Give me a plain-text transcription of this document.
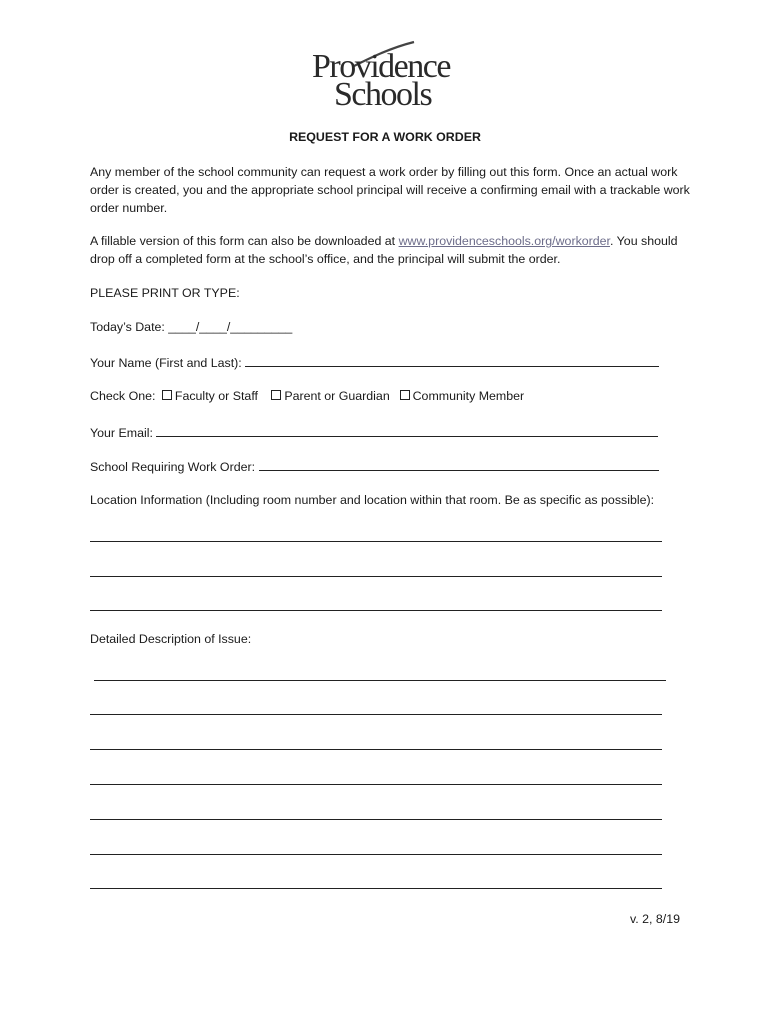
Providence
Schools
REQUEST FOR A WORK ORDER
Any member of the school community can request a work order by filling out this form. Once an actual work order is created, you and the appropriate school principal will receive a confirming email with a trackable work order number.
A fillable version of this form can also be downloaded at www.providenceschools.org/workorder. You should drop off a completed form at the school’s office, and the principal will submit the order.
PLEASE PRINT OR TYPE:
Today’s Date: ____/____/_________
Your Name (First and Last):
Check One: Faculty or Staff Parent or Guardian Community Member
Your Email:
School Requiring Work Order:
Location Information (Including room number and location within that room. Be as specific as possible):
Detailed Description of Issue:
v. 2, 8/19
